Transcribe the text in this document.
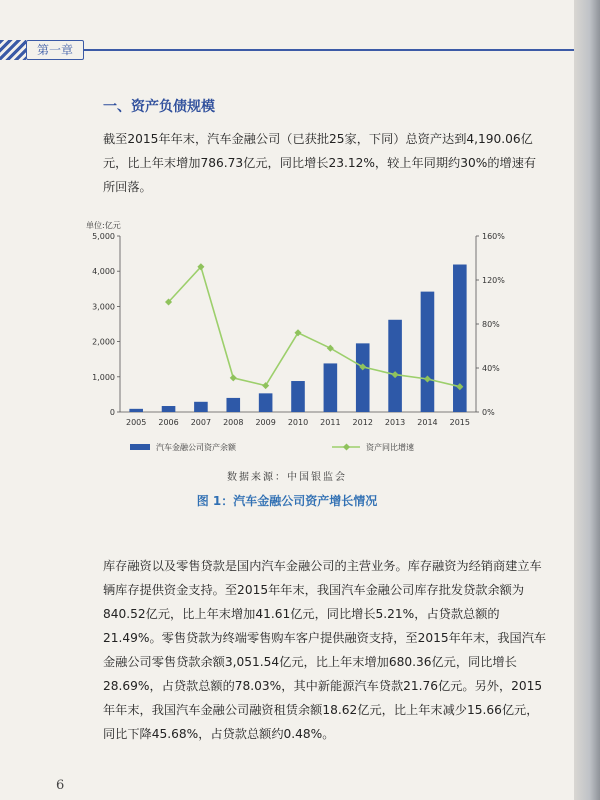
第一章
一、资产负债规模

截至2015年年末，汽车金融公司（已获批25家，下同）总资产达到4,190.06亿元，比上年末增加786.73亿元，同比增长23.12%，较上年同期约30%的增速有所回落。

单位:亿元
0
1,000
2,000
3,000
4,000
5,000
0%
40%
80%
120%
160%
2005 2006 2007 2008 2009 2010 2011 2012 2013 2014 2015
汽车金融公司资产余额	资产同比增速
数据来源：中国银监会
图 1：汽车金融公司资产增长情况

库存融资以及零售贷款是国内汽车金融公司的主营业务。库存融资为经销商建立车辆库存提供资金支持。至2015年年末，我国汽车金融公司库存批发贷款余额为840.52亿元，比上年末增加41.61亿元，同比增长5.21%，占贷款总额的21.49%。零售贷款为终端零售购车客户提供融资支持，至2015年年末，我国汽车金融公司零售贷款余额3,051.54亿元，比上年末增加680.36亿元，同比增长28.69%，占贷款总额的78.03%，其中新能源汽车贷款21.76亿元。另外，2015年年末，我国汽车金融公司融资租赁余额18.62亿元，比上年末减少15.66亿元，同比下降45.68%，占贷款总额约0.48%。

6
